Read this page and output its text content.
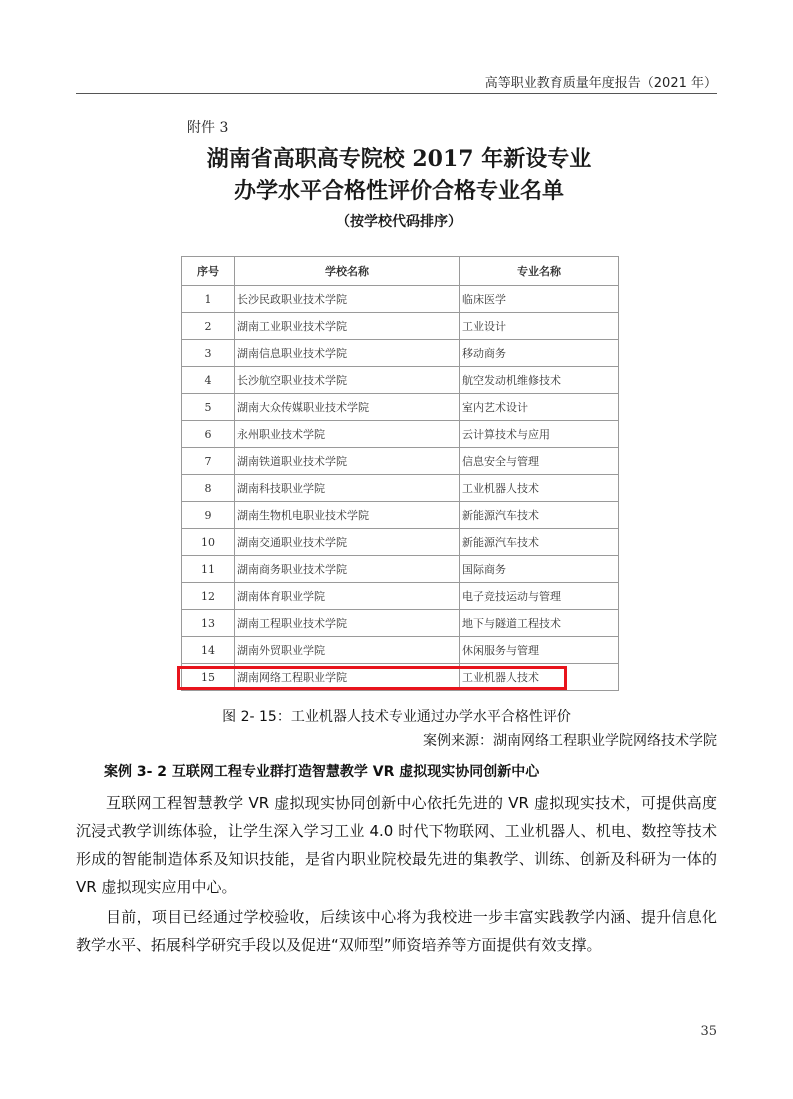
高等职业教育质量年度报告（2021 年）
附件 3
湖南省高职高专院校 2017 年新设专业
办学水平合格性评价合格专业名单
（按学校代码排序）
序号	学校名称	专业名称
1	长沙民政职业技术学院	临床医学
2	湖南工业职业技术学院	工业设计
3	湖南信息职业技术学院	移动商务
4	长沙航空职业技术学院	航空发动机维修技术
5	湖南大众传媒职业技术学院	室内艺术设计
6	永州职业技术学院	云计算技术与应用
7	湖南铁道职业技术学院	信息安全与管理
8	湖南科技职业学院	工业机器人技术
9	湖南生物机电职业技术学院	新能源汽车技术
10	湖南交通职业技术学院	新能源汽车技术
11	湖南商务职业技术学院	国际商务
12	湖南体育职业学院	电子竞技运动与管理
13	湖南工程职业技术学院	地下与隧道工程技术
14	湖南外贸职业学院	休闲服务与管理
15	湖南网络工程职业学院	工业机器人技术
图 2- 15：工业机器人技术专业通过办学水平合格性评价
案例来源：湖南网络工程职业学院网络技术学院
案例 3- 2 互联网工程专业群打造智慧教学 VR 虚拟现实协同创新中心

互联网工程智慧教学 VR 虚拟现实协同创新中心依托先进的 VR 虚拟现实技术，可提供高度沉浸式教学训练体验，让学生深入学习工业 4.0 时代下物联网、工业机器人、机电、数控等技术形成的智能制造体系及知识技能，是省内职业院校最先进的集教学、训练、创新及科研为一体的 VR 虚拟现实应用中心。

目前，项目已经通过学校验收，后续该中心将为我校进一步丰富实践教学内涵、提升信息化教学水平、拓展科学研究手段以及促进“双师型”师资培养等方面提供有效支撑。

35
